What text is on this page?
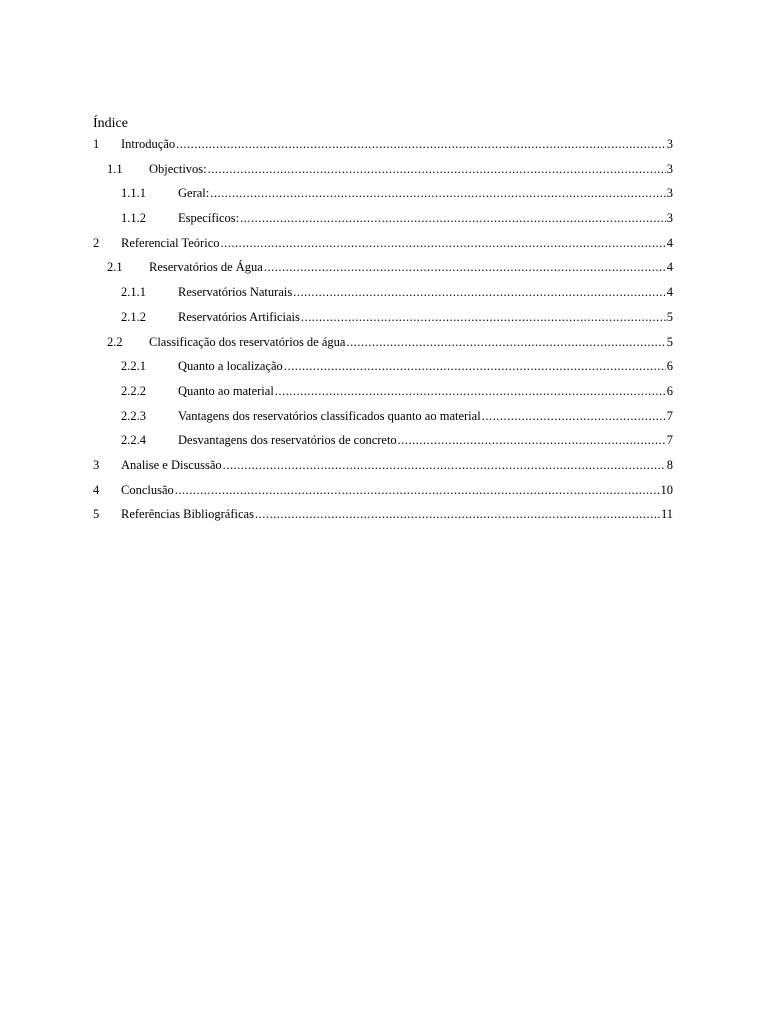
Índice
1	Introdução .....	3
1.1	Objectivos: .....	3
1.1.1	Geral: .....	3
1.1.2	Específicos: .....	3
2	Referencial Teórico .....	4
2.1	Reservatórios de Água .....	4
2.1.1	Reservatórios Naturais .....	4
2.1.2	Reservatórios Artificiais .....	5
2.2	Classificação dos reservatórios de água .....	5
2.2.1	Quanto a localização .....	6
2.2.2	Quanto ao material .....	6
2.2.3	Vantagens dos reservatórios classificados quanto ao material .....	7
2.2.4	Desvantagens dos reservatórios de concreto .....	7
3	Analise e Discussão .....	8
4	Conclusão .....	10
5	Referências Bibliográficas .....	11
